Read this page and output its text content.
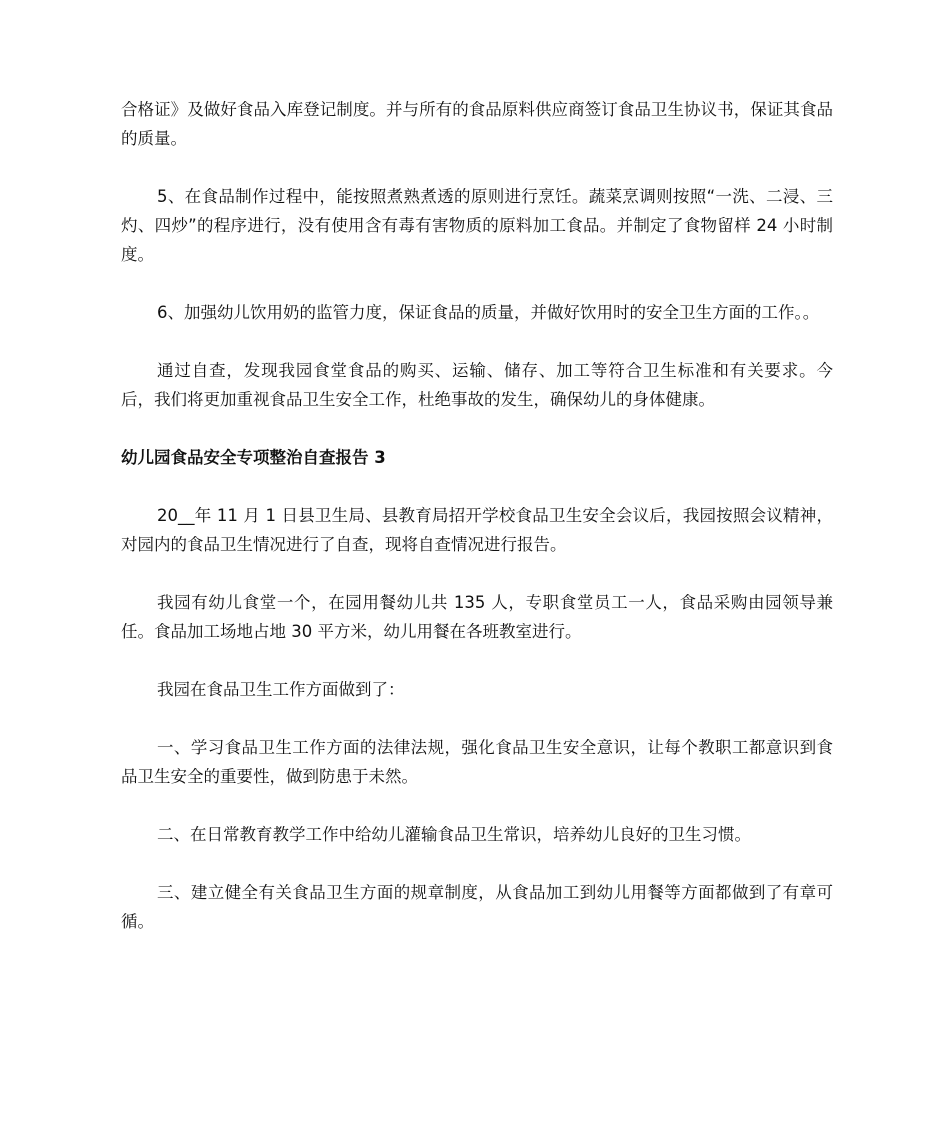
合格证》及做好食品入库登记制度。并与所有的食品原料供应商签订食品卫生协议书，保证其食品的质量。

5、在食品制作过程中，能按照煮熟煮透的原则进行烹饪。蔬菜烹调则按照“一洗、二浸、三灼、四炒”的程序进行，没有使用含有毒有害物质的原料加工食品。并制定了食物留样 24 小时制度。

6、加强幼儿饮用奶的监管力度，保证食品的质量，并做好饮用时的安全卫生方面的工作。。

通过自查，发现我园食堂食品的购买、运输、储存、加工等符合卫生标准和有关要求。今后，我们将更加重视食品卫生安全工作，杜绝事故的发生，确保幼儿的身体健康。

幼儿园食品安全专项整治自查报告 3

20__年 11 月 1 日县卫生局、县教育局招开学校食品卫生安全会议后，我园按照会议精神，对园内的食品卫生情况进行了自查，现将自查情况进行报告。

我园有幼儿食堂一个，在园用餐幼儿共 135 人，专职食堂员工一人，食品采购由园领导兼任。食品加工场地占地 30 平方米，幼儿用餐在各班教室进行。

我园在食品卫生工作方面做到了：

一、学习食品卫生工作方面的法律法规，强化食品卫生安全意识，让每个教职工都意识到食品卫生安全的重要性，做到防患于未然。

二、在日常教育教学工作中给幼儿灌输食品卫生常识，培养幼儿良好的卫生习惯。

三、建立健全有关食品卫生方面的规章制度，从食品加工到幼儿用餐等方面都做到了有章可循。
